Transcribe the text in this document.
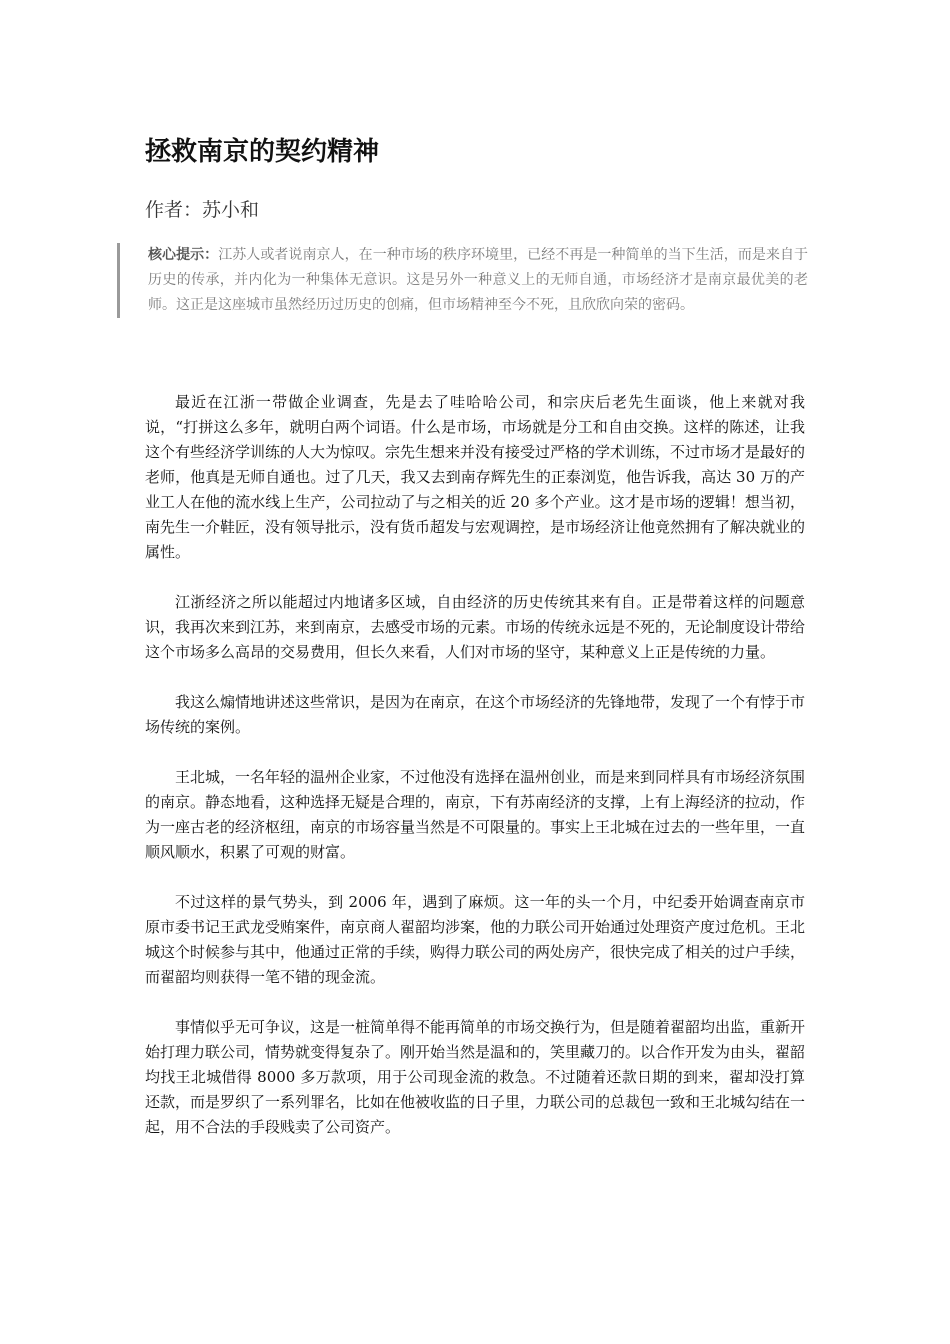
拯救南京的契约精神
作者：苏小和
核心提示：江苏人或者说南京人，在一种市场的秩序环境里，已经不再是一种简单的当下生活，而是来自于历史的传承，并内化为一种集体无意识。这是另外一种意义上的无师自通，市场经济才是南京最优美的老师。这正是这座城市虽然经历过历史的创痛，但市场精神至今不死，且欣欣向荣的密码。

最近在江浙一带做企业调查，先是去了哇哈哈公司，和宗庆后老先生面谈，他上来就对我说，“打拼这么多年，就明白两个词语。什么是市场，市场就是分工和自由交换。这样的陈述，让我这个有些经济学训练的人大为惊叹。宗先生想来并没有接受过严格的学术训练，不过市场才是最好的老师，他真是无师自通也。过了几天，我又去到南存辉先生的正泰浏览，他告诉我，高达 30 万的产业工人在他的流水线上生产，公司拉动了与之相关的近 20 多个产业。这才是市场的逻辑！想当初，南先生一介鞋匠，没有领导批示，没有货币超发与宏观调控，是市场经济让他竟然拥有了解决就业的属性。

江浙经济之所以能超过内地诸多区域，自由经济的历史传统其来有自。正是带着这样的问题意识，我再次来到江苏，来到南京，去感受市场的元素。市场的传统永远是不死的，无论制度设计带给这个市场多么高昂的交易费用，但长久来看，人们对市场的坚守，某种意义上正是传统的力量。

我这么煽情地讲述这些常识，是因为在南京，在这个市场经济的先锋地带，发现了一个有悖于市场传统的案例。

王北城，一名年轻的温州企业家，不过他没有选择在温州创业，而是来到同样具有市场经济氛围的南京。静态地看，这种选择无疑是合理的，南京，下有苏南经济的支撑，上有上海经济的拉动，作为一座古老的经济枢纽，南京的市场容量当然是不可限量的。事实上王北城在过去的一些年里，一直顺风顺水，积累了可观的财富。

不过这样的景气势头，到 2006 年，遇到了麻烦。这一年的头一个月，中纪委开始调查南京市原市委书记王武龙受贿案件，南京商人翟韶均涉案，他的力联公司开始通过处理资产度过危机。王北城这个时候参与其中，他通过正常的手续，购得力联公司的两处房产，很快完成了相关的过户手续，而翟韶均则获得一笔不错的现金流。

事情似乎无可争议，这是一桩简单得不能再简单的市场交换行为，但是随着翟韶均出监，重新开始打理力联公司，情势就变得复杂了。刚开始当然是温和的，笑里藏刀的。以合作开发为由头，翟韶均找王北城借得 8000 多万款项，用于公司现金流的救急。不过随着还款日期的到来，翟却没打算还款，而是罗织了一系列罪名，比如在他被收监的日子里，力联公司的总裁包一致和王北城勾结在一起，用不合法的手段贱卖了公司资产。
